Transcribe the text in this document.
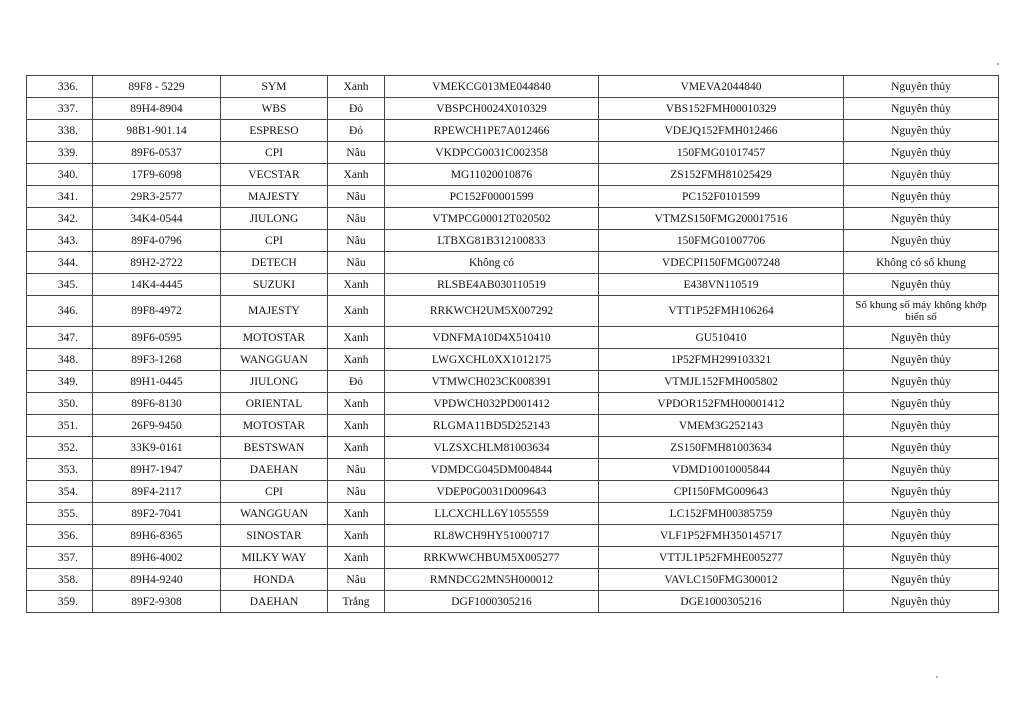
336.	89F8 - 5229	SYM	Xanh	VMEKCG013ME044840	VMEVA2044840	Nguyên thủy
337.	89H4-8904	WBS	Đỏ	VBSPCH0024X010329	VBS152FMH00010329	Nguyên thủy
338.	98B1-901.14	ESPRESO	Đỏ	RPEWCH1PE7A012466	VDEJQ152FMH012466	Nguyên thủy
339.	89F6-0537	CPI	Nâu	VKDPCG0031C002358	150FMG01017457	Nguyên thủy
340.	17F9-6098	VECSTAR	Xanh	MG11020010876	ZS152FMH81025429	Nguyên thủy
341.	29R3-2577	MAJESTY	Nâu	PC152F00001599	PC152F0101599	Nguyên thủy
342.	34K4-0544	JIULONG	Nâu	VTMPCG00012T020502	VTMZS150FMG200017516	Nguyên thủy
343.	89F4-0796	CPI	Nâu	LTBXG81B312100833	150FMG01007706	Nguyên thủy
344.	89H2-2722	DETECH	Nâu	Không có	VDECPI150FMG007248	Không có số khung
345.	14K4-4445	SUZUKI	Xanh	RLSBE4AB030110519	E438VN110519	Nguyên thủy
346.	89F8-4972	MAJESTY	Xanh	RRKWCH2UM5X007292	VTT1P52FMH106264	Số khung số máy không khớp biển số
347.	89F6-0595	MOTOSTAR	Xanh	VDNFMA10D4X510410	GU510410	Nguyên thủy
348.	89F3-1268	WANGGUAN	Xanh	LWGXCHL0XX1012175	1P52FMH299103321	Nguyên thủy
349.	89H1-0445	JIULONG	Đỏ	VTMWCH023CK008391	VTMJL152FMH005802	Nguyên thủy
350.	89F6-8130	ORIENTAL	Xanh	VPDWCH032PD001412	VPDOR152FMH00001412	Nguyên thủy
351.	26F9-9450	MOTOSTAR	Xanh	RLGMA11BD5D252143	VMEM3G252143	Nguyên thủy
352.	33K9-0161	BESTSWAN	Xanh	VLZSXCHLM81003634	ZS150FMH81003634	Nguyên thủy
353.	89H7-1947	DAEHAN	Nâu	VDMDCG045DM004844	VDMD10010005844	Nguyên thủy
354.	89F4-2117	CPI	Nâu	VDEP0G0031D009643	CPI150FMG009643	Nguyên thủy
355.	89F2-7041	WANGGUAN	Xanh	LLCXCHLL6Y1055559	LC152FMH00385759	Nguyên thủy
356.	89H6-8365	SINOSTAR	Xanh	RL8WCH9HY51000717	VLF1P52FMH350145717	Nguyên thủy
357.	89H6-4002	MILKY WAY	Xanh	RRKWWCHBUM5X005277	VTTJL1P52FMHE005277	Nguyên thủy
358.	89H4-9240	HONDA	Nâu	RMNDCG2MN5H000012	VAVLC150FMG300012	Nguyên thủy
359.	89F2-9308	DAEHAN	Trắng	DGF1000305216	DGE1000305216	Nguyên thủy
